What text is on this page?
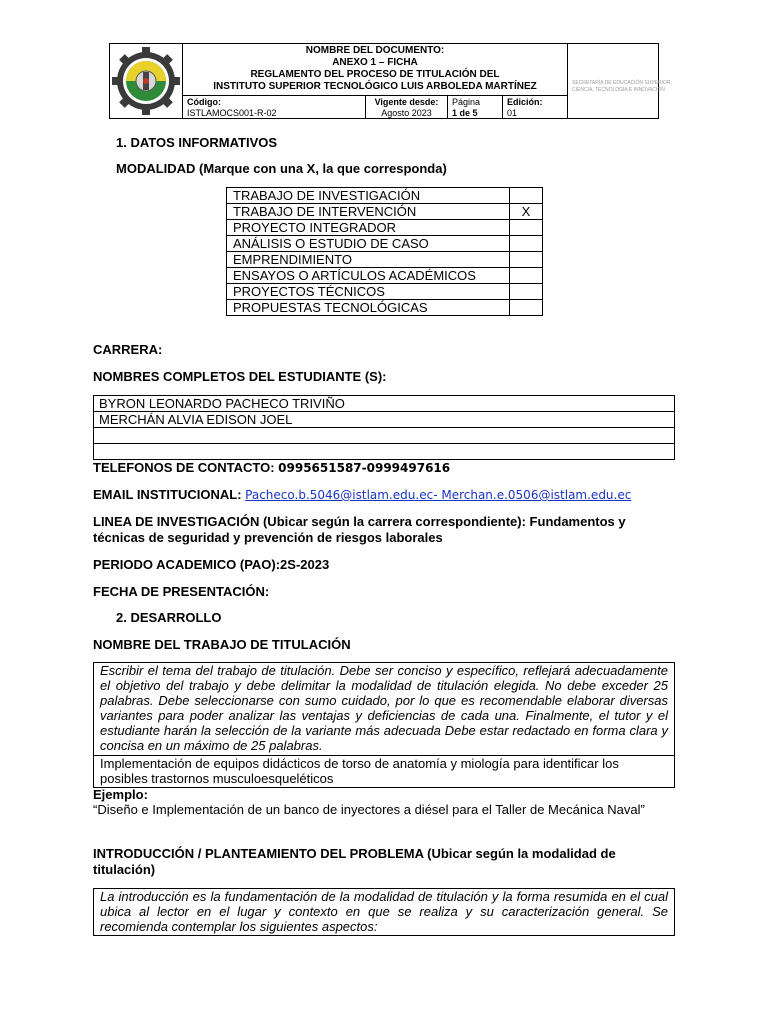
NOMBRE DEL DOCUMENTO:
ANEXO 1 – FICHA
REGLAMENTO DEL PROCESO DE TITULACIÓN DEL
INSTITUTO SUPERIOR TECNOLÓGICO LUIS ARBOLEDA MARTÍNEZ
Código:
ISTLAMOCS001-R-02
Vigente desde:
Agosto 2023
Página
1 de 5
Edición:
01
SECRETARÍA DE EDUCACIÓN SUPERIOR,
CIENCIA, TECNOLOGÍA E INNOVACIÓN
1. DATOS INFORMATIVOS
MODALIDAD (Marque con una X, la que corresponda)
TRABAJO DE INVESTIGACIÓN	
TRABAJO DE INTERVENCIÓN	X
PROYECTO INTEGRADOR	
ANÁLISIS O ESTUDIO DE CASO	
EMPRENDIMIENTO	
ENSAYOS O ARTÍCULOS ACADÉMICOS	
PROYECTOS TÉCNICOS	
PROPUESTAS TECNOLÓGICAS	
CARRERA:
NOMBRES COMPLETOS DEL ESTUDIANTE (S):
BYRON LEONARDO PACHECO TRIVIÑO
MERCHÁN ALVIA EDISON JOEL

TELEFONOS DE CONTACTO: 0995651587-0999497616
EMAIL INSTITUCIONAL: Pacheco.b.5046@istlam.edu.ec- Merchan.e.0506@istlam.edu.ec
LINEA DE INVESTIGACIÓN (Ubicar según la carrera correspondiente): Fundamentos y
técnicas de seguridad y prevención de riesgos laborales
PERIODO ACADEMICO (PAO):2S-2023
FECHA DE PRESENTACIÓN:
2. DESARROLLO
NOMBRE DEL TRABAJO DE TITULACIÓN
Escribir el tema del trabajo de titulación. Debe ser conciso y específico, reflejará adecuadamente el objetivo del trabajo y debe delimitar la modalidad de titulación elegida. No debe exceder 25 palabras. Debe seleccionarse con sumo cuidado, por lo que es recomendable elaborar diversas variantes para poder analizar las ventajas y deficiencias de cada una. Finalmente, el tutor y el estudiante harán la selección de la variante más adecuada Debe estar redactado en forma clara y concisa en un máximo de 25 palabras.
Implementación de equipos didácticos de torso de anatomía y miología para identificar los posibles trastornos musculoesqueléticos
Ejemplo:
“Diseño e Implementación de un banco de inyectores a diésel para el Taller de Mecánica Naval”
INTRODUCCIÓN / PLANTEAMIENTO DEL PROBLEMA (Ubicar según la modalidad de
titulación)
La introducción es la fundamentación de la modalidad de titulación y la forma resumida en el cual ubica al lector en el lugar y contexto en que se realiza y su caracterización general. Se recomienda contemplar los siguientes aspectos:
